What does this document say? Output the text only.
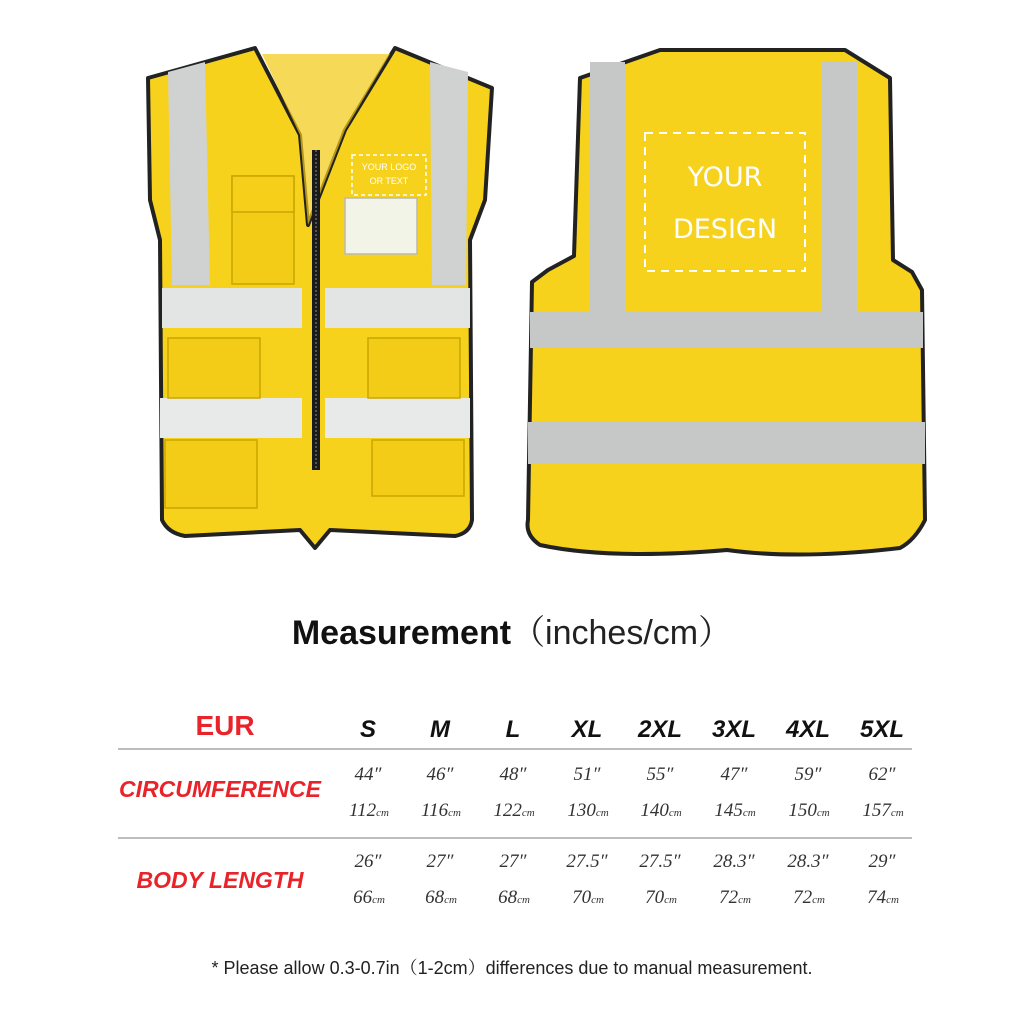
YOUR LOGO
OR TEXT	YOUR
DESIGN
Measurement（inches/cm）
EUR	S	M	L	XL	2XL	3XL	4XL	5XL
CIRCUMFERENCE
44″	46″	48″	51″	55″	47″	59″	62″
112cm	116cm	122cm	130cm	140cm	145cm	150cm	157cm
BODY LENGTH
26″	27″	27″	27.5″	27.5″	28.3″	28.3″	29″
66cm	68cm	68cm	70cm	70cm	72cm	72cm	74cm
* Please allow 0.3-0.7in（1-2cm）differences due to manual measurement.
